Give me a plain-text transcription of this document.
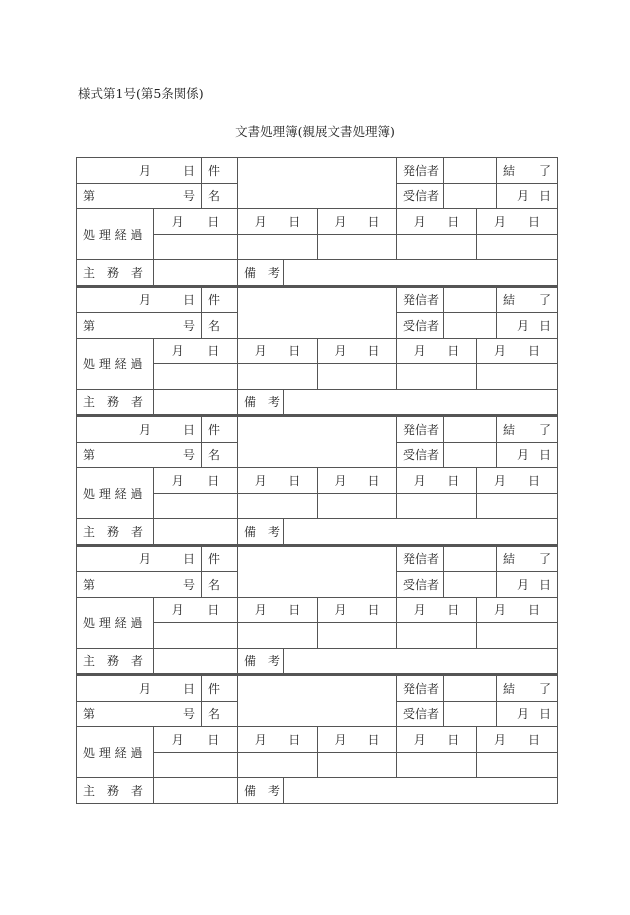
様式第1号(第5条関係)
文書処理簿(親展文書処理簿)
月 日		件				発信者			結 了

第 号		名				受信者			月 日

処 理 経 過	月 日		月 日		月 日	月 日		月 日	

主　務　者			備　考						
月 日		件				発信者			結 了

第 号		名				受信者			月 日

処 理 経 過	月 日		月 日		月 日	月 日		月 日	

主　務　者			備　考						
月 日		件				発信者			結 了

第 号		名				受信者			月 日

処 理 経 過	月 日		月 日		月 日	月 日		月 日	

主　務　者			備　考						
月 日		件				発信者			結 了

第 号		名				受信者			月 日

処 理 経 過	月 日		月 日		月 日	月 日		月 日	

主　務　者			備　考						
月 日		件				発信者			結 了

第 号		名				受信者			月 日

処 理 経 過	月 日		月 日		月 日	月 日		月 日	

主　務　者			備　考						
